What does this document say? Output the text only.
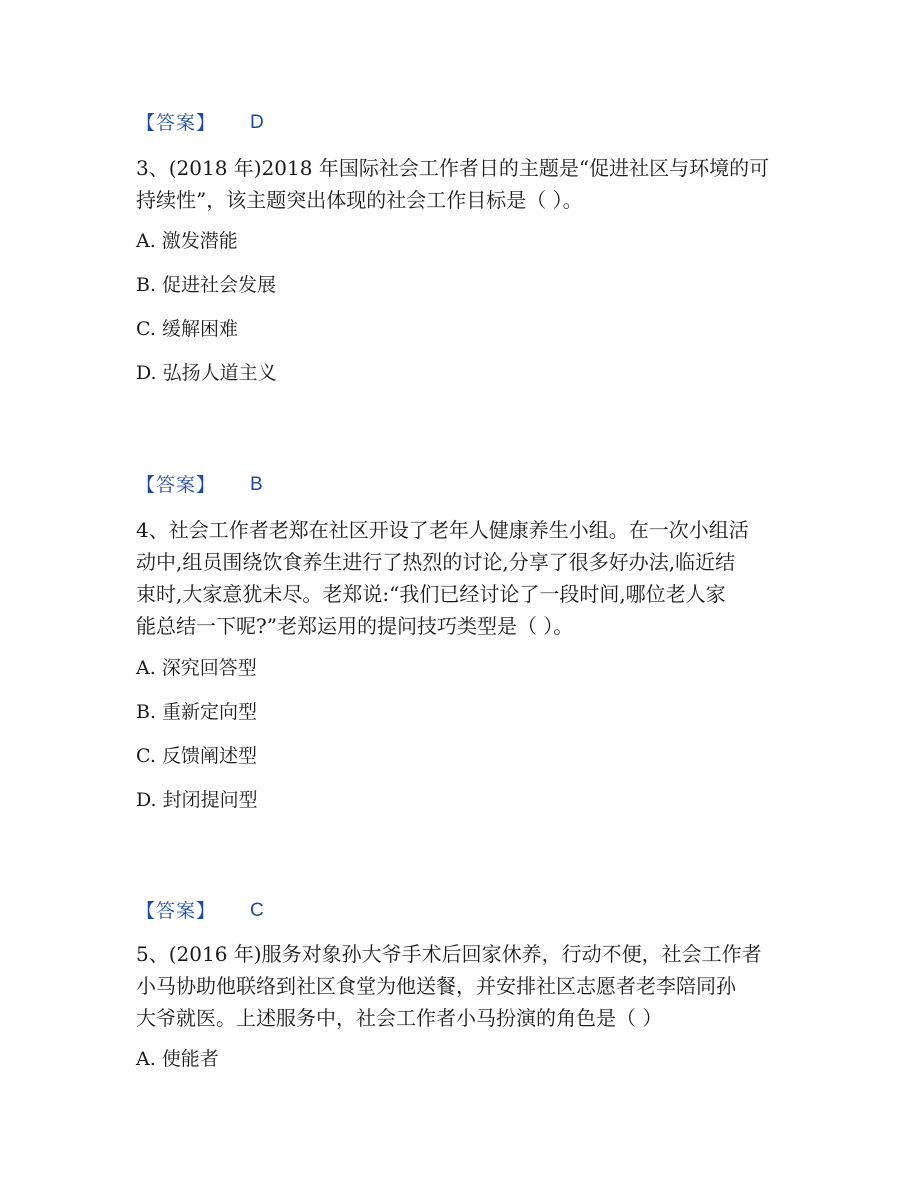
【答案】 D
3、(2018 年)2018 年国际社会工作者日的主题是“促进社区与环境的可
持续性”，该主题突出体现的社会工作目标是（ ）。
A. 激发潜能
B. 促进社会发展
C. 缓解困难
D. 弘扬人道主义
【答案】 B
4、社会工作者老郑在社区开设了老年人健康养生小组。在一次小组活
动中,组员围绕饮食养生进行了热烈的讨论,分享了很多好办法,临近结
束时,大家意犹未尽。老郑说:“我们已经讨论了一段时间,哪位老人家
能总结一下呢?”老郑运用的提问技巧类型是（ ）。
A. 深究回答型
B. 重新定向型
C. 反馈阐述型
D. 封闭提问型
【答案】 C
5、(2016 年)服务对象孙大爷手术后回家休养，行动不便，社会工作者
小马协助他联络到社区食堂为他送餐，并安排社区志愿者老李陪同孙
大爷就医。上述服务中，社会工作者小马扮演的角色是（ ）
A. 使能者
